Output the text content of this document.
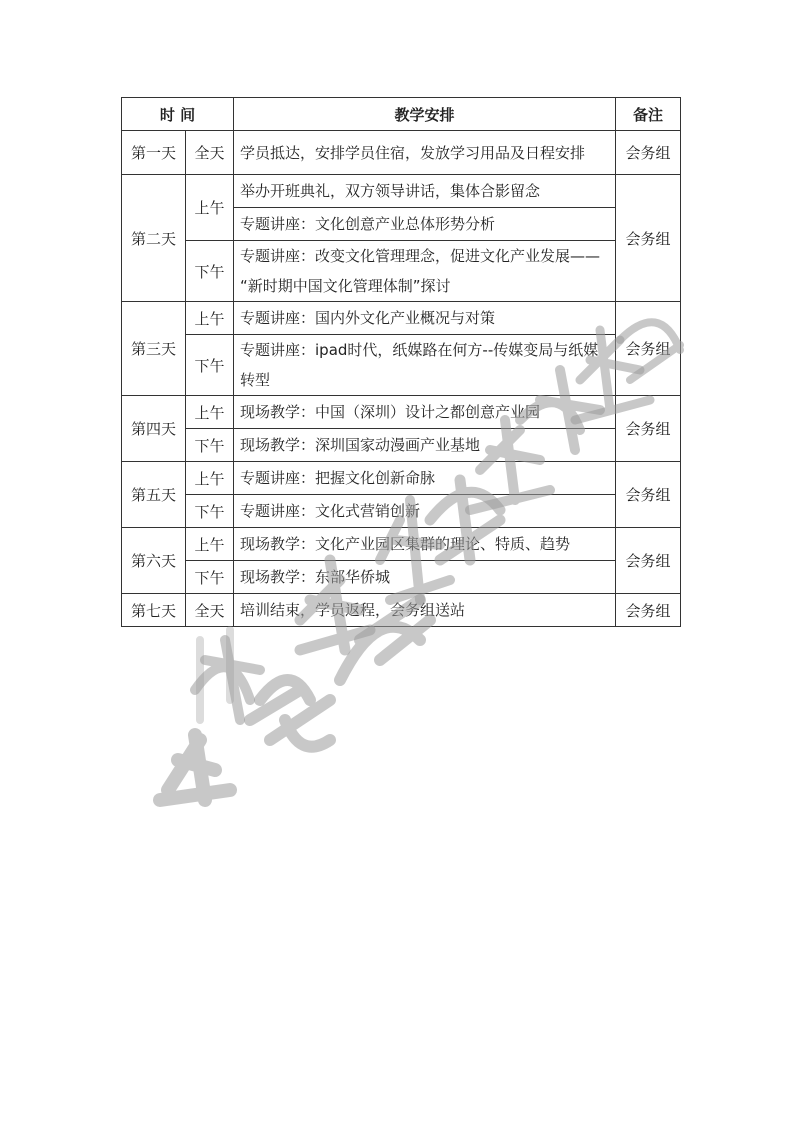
时 间		教学安排	备注
第一天	全天	学员抵达，安排学员住宿，发放学习用品及日程安排	会务组
第二天	上午	举办开班典礼，双方领导讲话，集体合影留念	会务组
		专题讲座：文化创意产业总体形势分析	
	下午	专题讲座：改变文化管理理念，促进文化产业发展—— “新时期中国文化管理体制”探讨	
第三天	上午	专题讲座：国内外文化产业概况与对策	会务组
	下午	专题讲座：ipad时代，纸媒路在何方--传媒变局与纸媒转型	
第四天	上午	现场教学：中国（深圳）设计之都创意产业园	会务组
	下午	现场教学：深圳国家动漫画产业基地	
第五天	上午	专题讲座：把握文化创新命脉	会务组
	下午	专题讲座：文化式营销创新	
第六天	上午	现场教学：文化产业园区集群的理论、特质、趋势	会务组
	下午	现场教学：东部华侨城	
第七天	全天	培训结束，学员返程，会务组送站	会务组
